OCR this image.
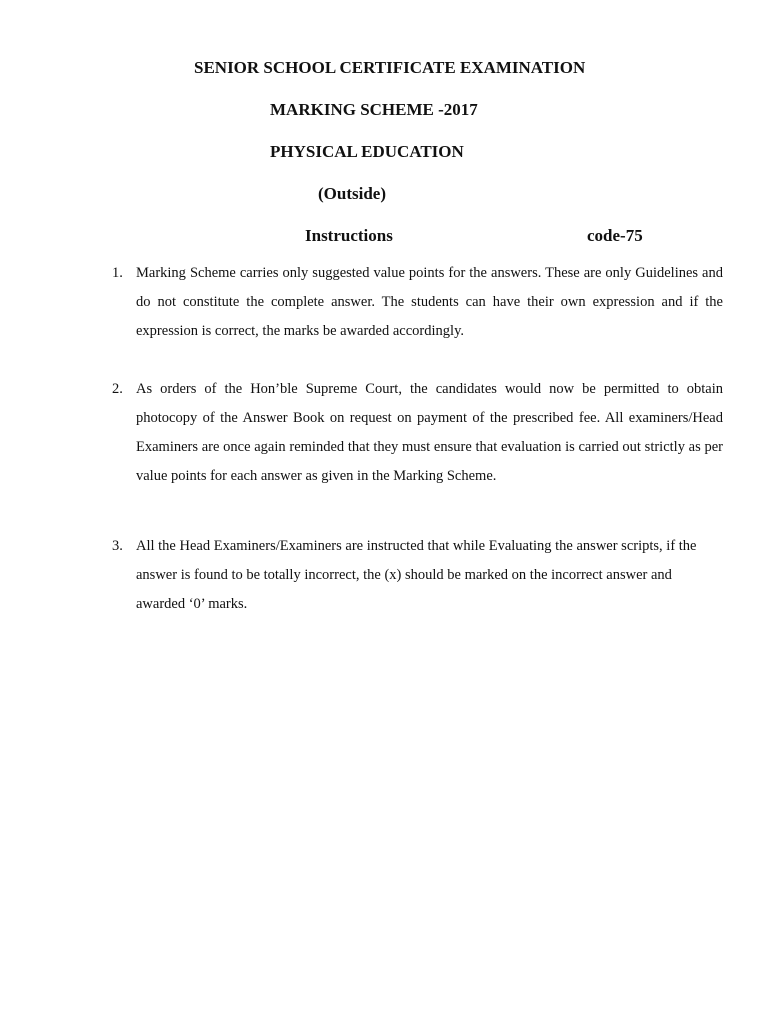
SENIOR SCHOOL CERTIFICATE EXAMINATION
MARKING SCHEME -2017
PHYSICAL EDUCATION
(Outside)
Instructions	code-75
1. Marking Scheme carries only suggested value points for the answers. These are only Guidelines and do not constitute the complete answer. The students can have their own expression and if the expression is correct, the marks be awarded accordingly.
2. As orders of the Hon’ble Supreme Court, the candidates would now be permitted to obtain photocopy of the Answer Book on request on payment of the prescribed fee. All examiners/Head Examiners are once again reminded that they must ensure that evaluation is carried out strictly as per value points for each answer as given in the Marking Scheme.
3. All the Head Examiners/Examiners are instructed that while Evaluating the answer scripts, if the answer is found to be totally incorrect, the (x) should be marked on the incorrect answer and awarded ‘0’ marks.
